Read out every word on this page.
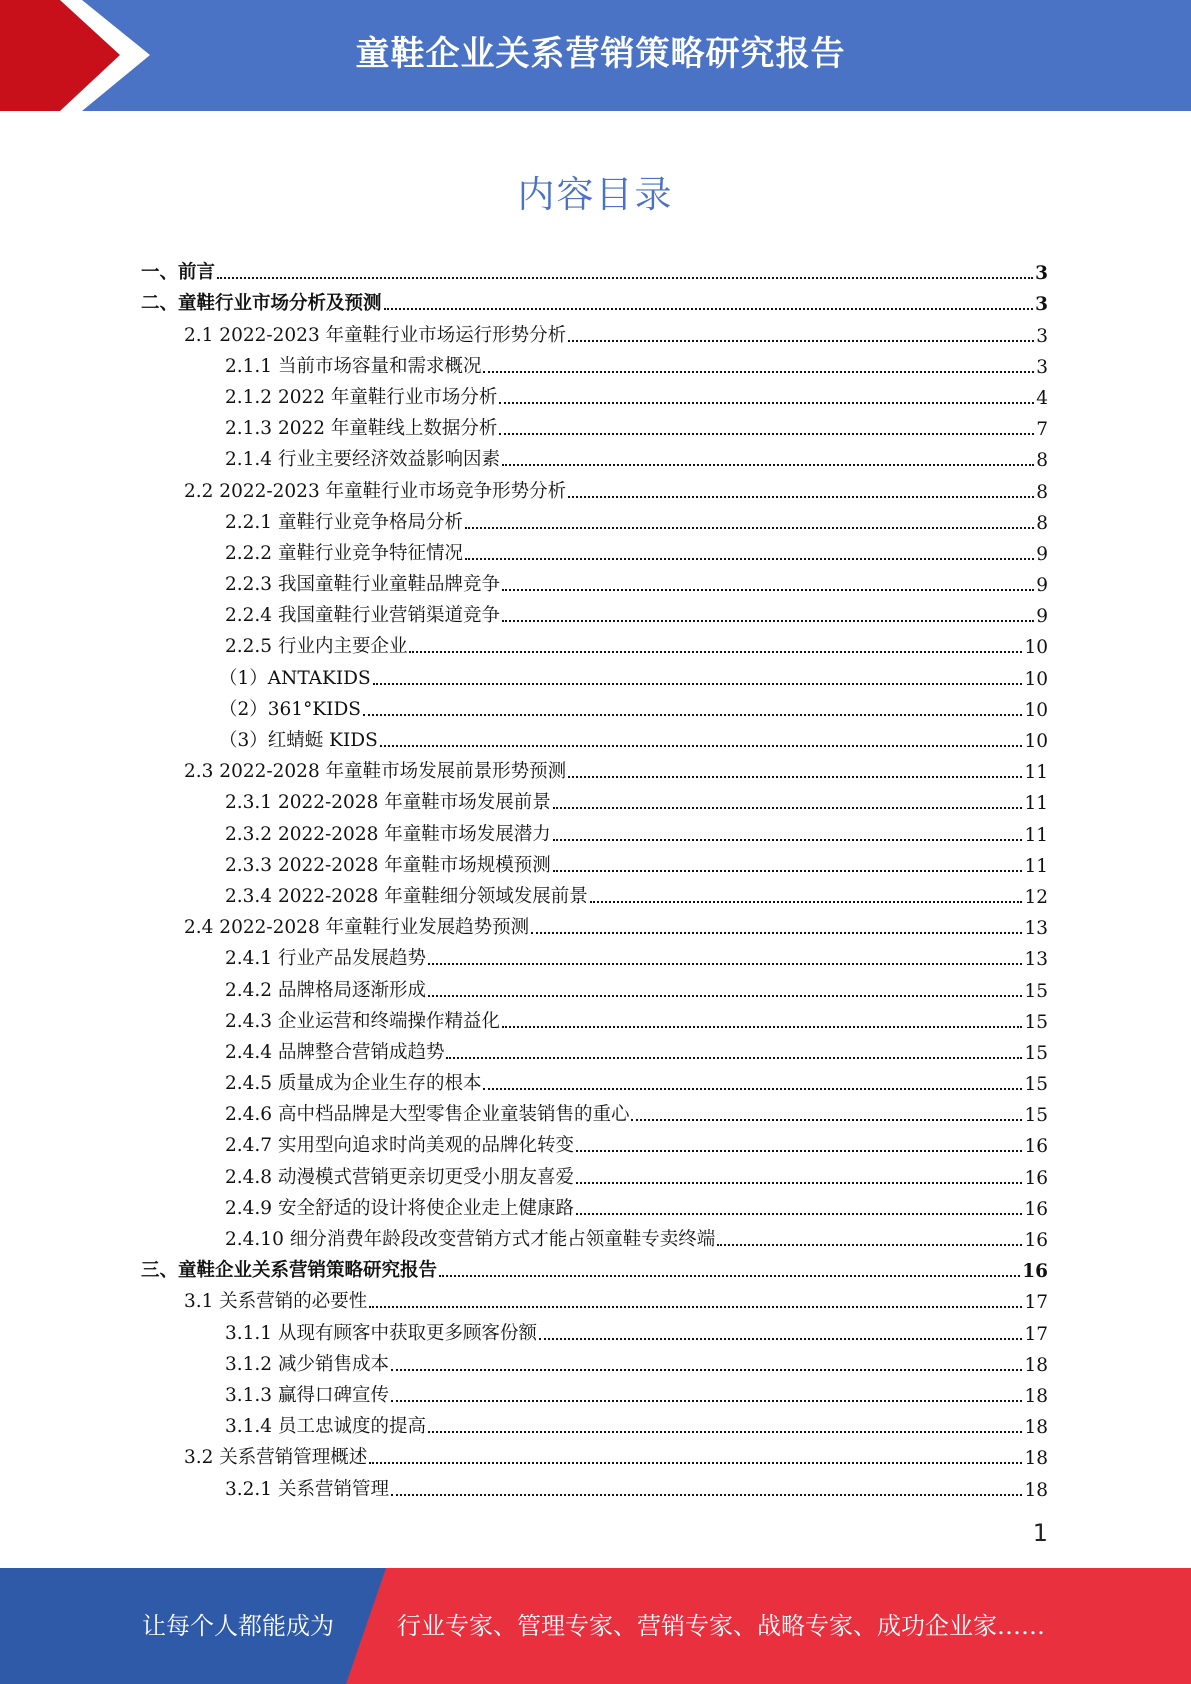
童鞋企业关系营销策略研究报告
内容目录
一、前言	3
二、童鞋行业市场分析及预测	3
2.1 2022-2023 年童鞋行业市场运行形势分析	3
2.1.1 当前市场容量和需求概况	3
2.1.2 2022 年童鞋行业市场分析	4
2.1.3 2022 年童鞋线上数据分析	7
2.1.4 行业主要经济效益影响因素	8
2.2 2022-2023 年童鞋行业市场竞争形势分析	8
2.2.1 童鞋行业竞争格局分析	8
2.2.2 童鞋行业竞争特征情况	9
2.2.3 我国童鞋行业童鞋品牌竞争	9
2.2.4 我国童鞋行业营销渠道竞争	9
2.2.5 行业内主要企业	10
（1）ANTAKIDS	10
（2）361°KIDS	10
（3）红蜻蜓 KIDS	10
2.3 2022-2028 年童鞋市场发展前景形势预测	11
2.3.1 2022-2028 年童鞋市场发展前景	11
2.3.2 2022-2028 年童鞋市场发展潜力	11
2.3.3 2022-2028 年童鞋市场规模预测	11
2.3.4 2022-2028 年童鞋细分领域发展前景	12
2.4 2022-2028 年童鞋行业发展趋势预测	13
2.4.1 行业产品发展趋势	13
2.4.2 品牌格局逐渐形成	15
2.4.3 企业运营和终端操作精益化	15
2.4.4 品牌整合营销成趋势	15
2.4.5 质量成为企业生存的根本	15
2.4.6 高中档品牌是大型零售企业童装销售的重心	15
2.4.7 实用型向追求时尚美观的品牌化转变	16
2.4.8 动漫模式营销更亲切更受小朋友喜爱	16
2.4.9 安全舒适的设计将使企业走上健康路	16
2.4.10 细分消费年龄段改变营销方式才能占领童鞋专卖终端	16
三、童鞋企业关系营销策略研究报告	16
3.1 关系营销的必要性	17
3.1.1 从现有顾客中获取更多顾客份额	17
3.1.2 减少销售成本	18
3.1.3 赢得口碑宣传	18
3.1.4 员工忠诚度的提高	18
3.2 关系营销管理概述	18
3.2.1 关系营销管理	18
1
让每个人都能成为	行业专家、管理专家、营销专家、战略专家、成功企业家……
